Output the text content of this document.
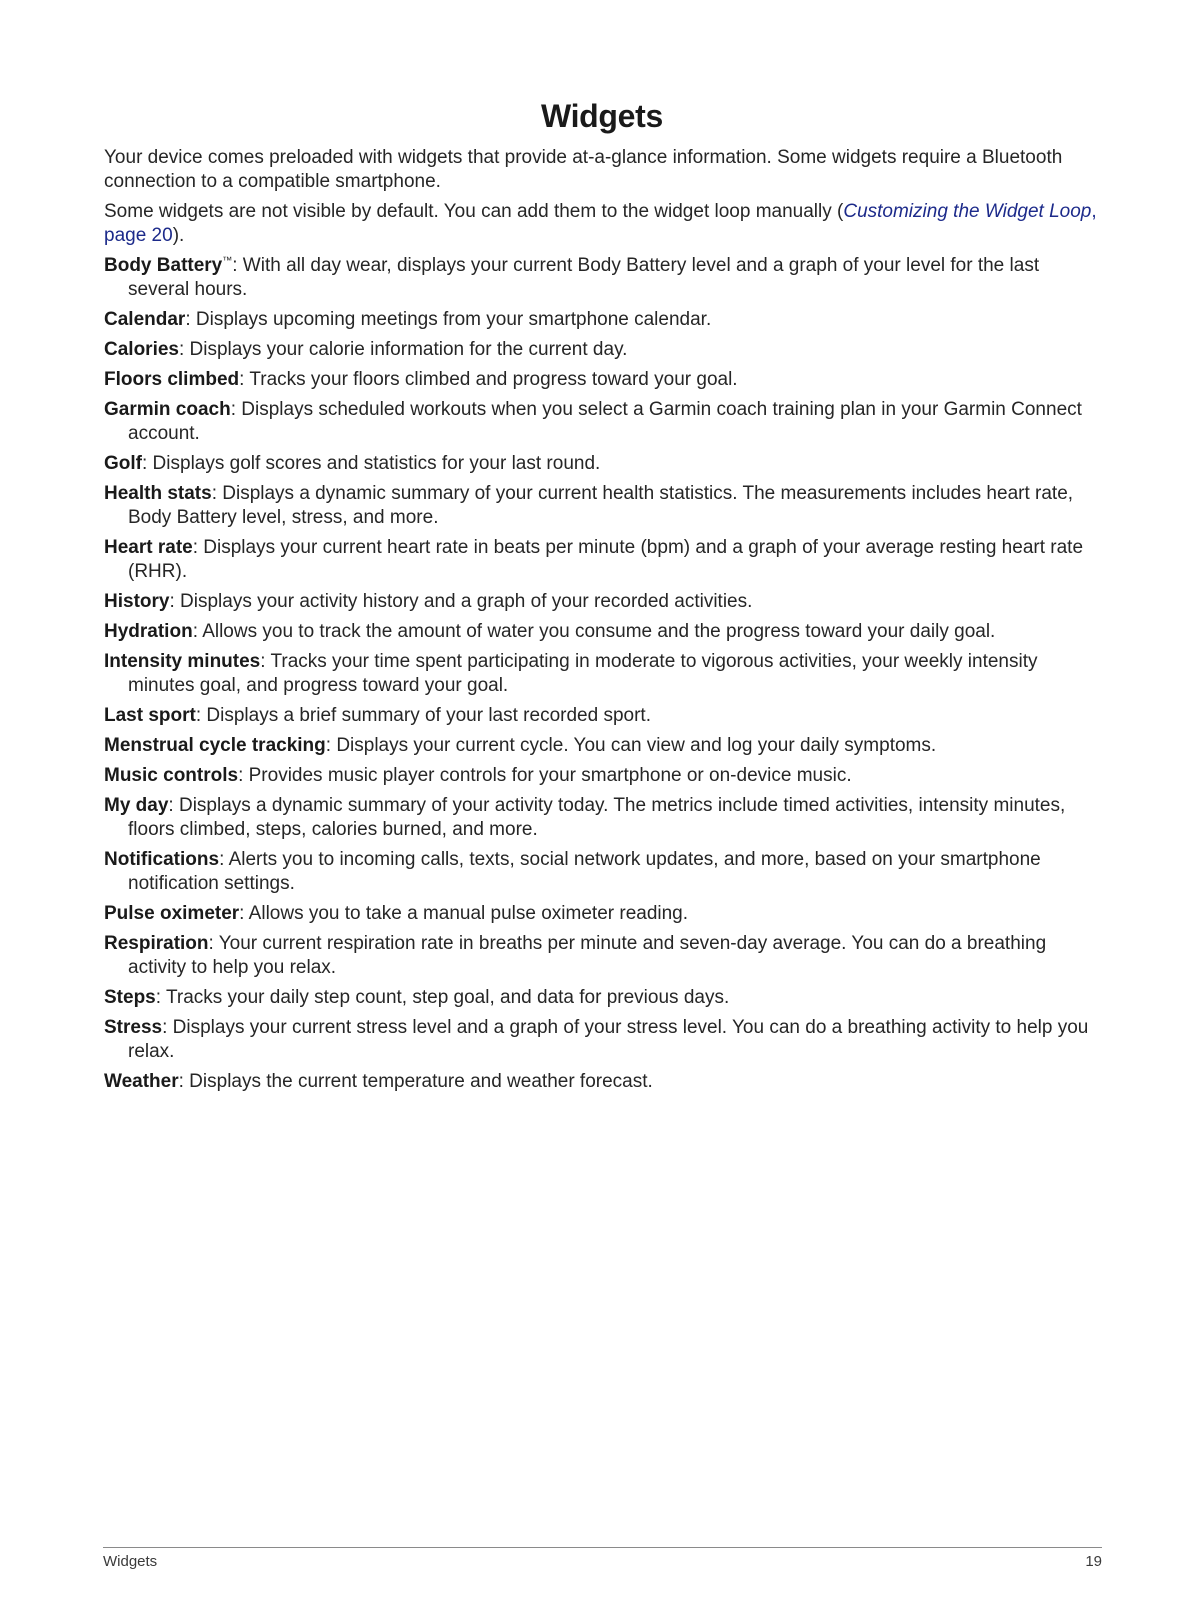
Widgets

Your device comes preloaded with widgets that provide at-a-glance information. Some widgets require a Bluetooth connection to a compatible smartphone.

Some widgets are not visible by default. You can add them to the widget loop manually (Customizing the Widget Loop, page 20).

Body Battery™: With all day wear, displays your current Body Battery level and a graph of your level for the last several hours.

Calendar: Displays upcoming meetings from your smartphone calendar.

Calories: Displays your calorie information for the current day.

Floors climbed: Tracks your floors climbed and progress toward your goal.

Garmin coach: Displays scheduled workouts when you select a Garmin coach training plan in your Garmin Connect account.

Golf: Displays golf scores and statistics for your last round.

Health stats: Displays a dynamic summary of your current health statistics. The measurements includes heart rate, Body Battery level, stress, and more.

Heart rate: Displays your current heart rate in beats per minute (bpm) and a graph of your average resting heart rate (RHR).

History: Displays your activity history and a graph of your recorded activities.

Hydration: Allows you to track the amount of water you consume and the progress toward your daily goal.

Intensity minutes: Tracks your time spent participating in moderate to vigorous activities, your weekly intensity minutes goal, and progress toward your goal.

Last sport: Displays a brief summary of your last recorded sport.

Menstrual cycle tracking: Displays your current cycle. You can view and log your daily symptoms.

Music controls: Provides music player controls for your smartphone or on-device music.

My day: Displays a dynamic summary of your activity today. The metrics include timed activities, intensity minutes, floors climbed, steps, calories burned, and more.

Notifications: Alerts you to incoming calls, texts, social network updates, and more, based on your smartphone notification settings.

Pulse oximeter: Allows you to take a manual pulse oximeter reading.

Respiration: Your current respiration rate in breaths per minute and seven-day average. You can do a breathing activity to help you relax.

Steps: Tracks your daily step count, step goal, and data for previous days.

Stress: Displays your current stress level and a graph of your stress level. You can do a breathing activity to help you relax.

Weather: Displays the current temperature and weather forecast.

Widgets	19
